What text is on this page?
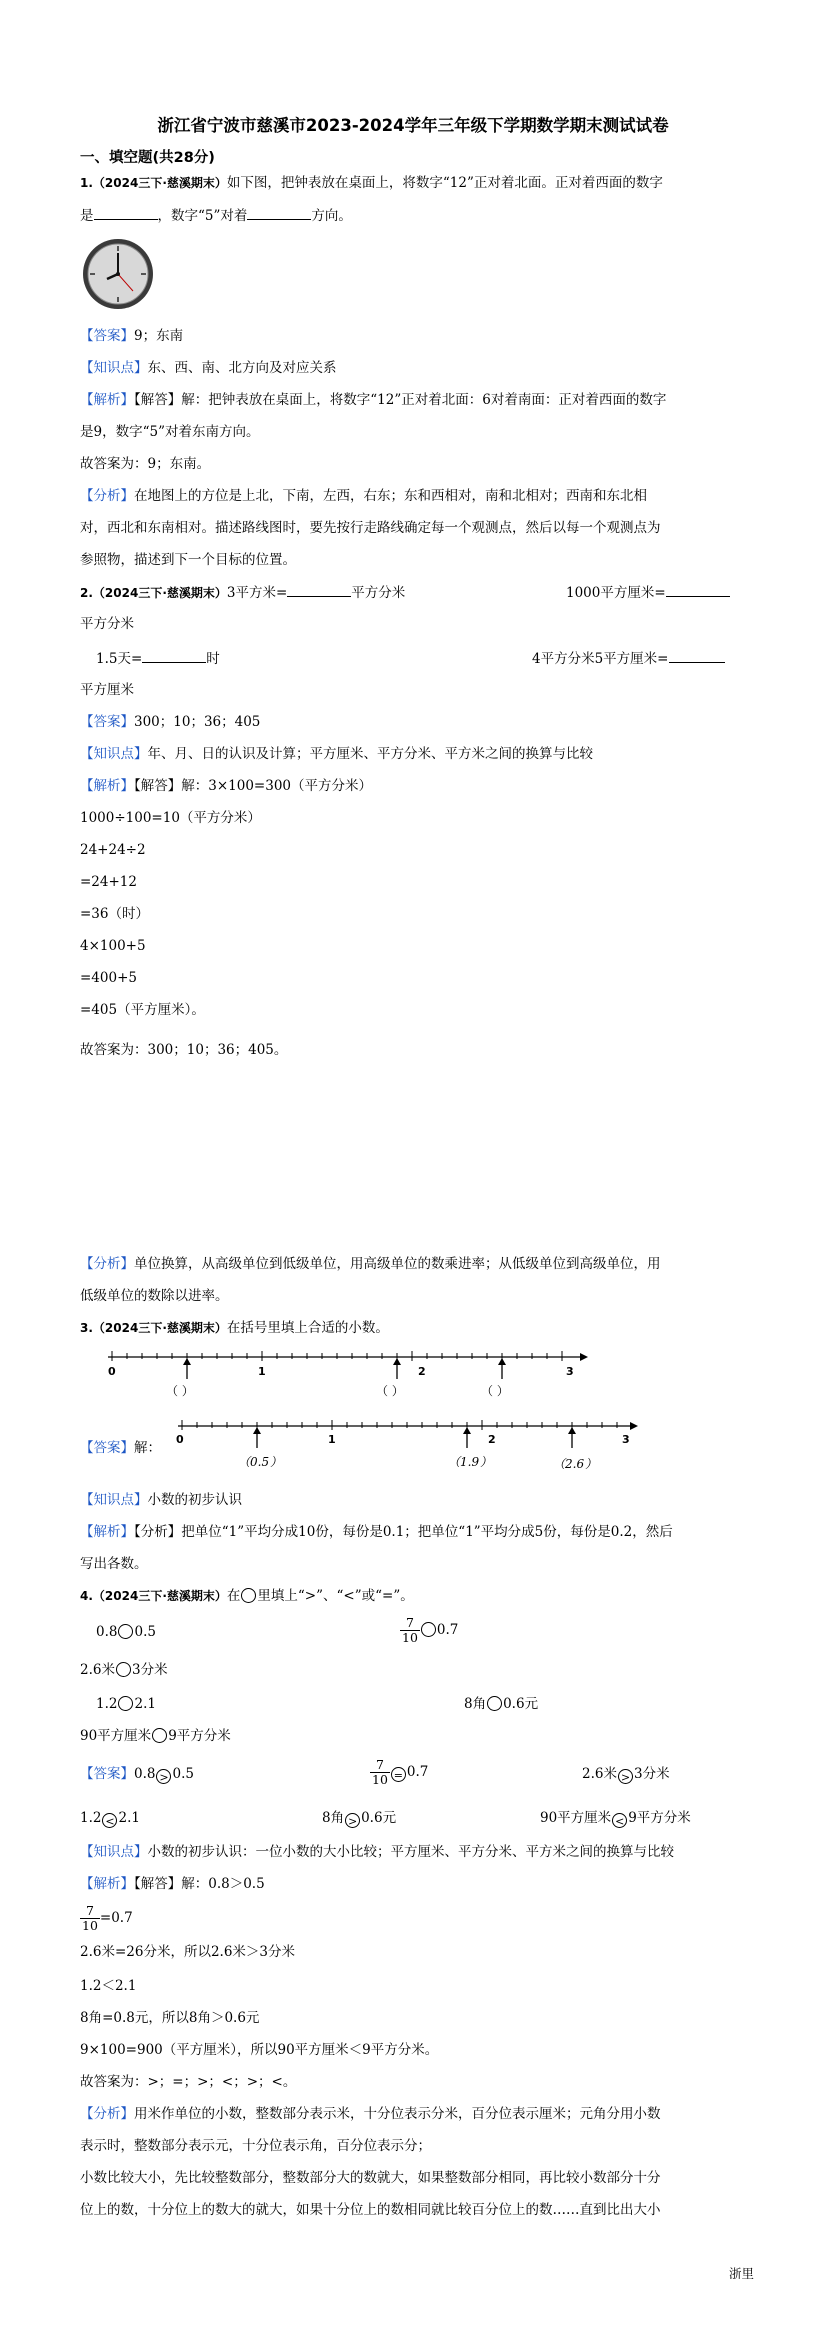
浙江省宁波市慈溪市2023-2024学年三年级下学期数学期末测试试卷
一、填空题(共28分)
1.（2024三下·慈溪期末）如下图，把钟表放在桌面上，将数字“12”正对着北面。正对着西面的数字
是	，数字“5”对着	方向。
【答案】9；东南
【知识点】东、西、南、北方向及对应关系
【解析】【解答】解：把钟表放在桌面上，将数字“12”正对着北面：6对着南面：正对着西面的数字
是9，数字“5”对着东南方向。
故答案为：9；东南。
【分析】在地图上的方位是上北，下南，左西，右东；东和西相对，南和北相对；西南和东北相
对，西北和东南相对。描述路线图时，要先按行走路线确定每一个观测点，然后以每一个观测点为
参照物，描述到下一个目标的位置。
2.（2024三下·慈溪期末）3平方米=	平方分米	1000平方厘米=
平方分米
1.5天=	时	4平方分米5平方厘米=
平方厘米
【答案】300；10；36；405
【知识点】年、月、日的认识及计算；平方厘米、平方分米、平方米之间的换算与比较
【解析】【解答】解：3×100=300（平方分米）
1000÷100=10（平方分米）
24+24÷2
=24+12
=36（时）
4×100+5
=400+5
=405（平方厘米）。
故答案为：300；10；36；405。
【分析】单位换算，从高级单位到低级单位，用高级单位的数乘进率；从低级单位到高级单位，用
低级单位的数除以进率。
3.（2024三下·慈溪期末）在括号里填上合适的小数。
0	1	2	3
（ ）	（ ）	（ ）
【答案】解：
0	1	2	3
（ 0.5 ）	（ 1.9 ）	（ 2.6 ）
【知识点】小数的初步认识
【解析】【分析】把单位“1”平均分成10份，每份是0.1；把单位“1”平均分成5份，每份是0.2，然后
写出各数。
4.（2024三下·慈溪期末）在 里填上“>”、“<”或“=”。
0.8 0.5	$\frac{7}{10} 0.7$
2.6米 3分米
1.2 2.1	8角 0.6元
90平方厘米 9平方分米
【答案】0.8 > 0.5	$\frac{7}{10} = 0.7$	2.6米 > 3分米
1.2 < 2.1	8角 > 0.6元	90平方厘米 < 9平方分米
【知识点】小数的初步认识：一位小数的大小比较；平方厘米、平方分米、平方米之间的换算与比较
【解析】【解答】解：0.8＞0.5
$\frac{7}{10} =0.7$
2.6米=26分米，所以2.6米＞3分米
1.2＜2.1
8角=0.8元，所以8角＞0.6元
9×100=900（平方厘米），所以90平方厘米＜9平方分米。
故答案为：>；=；>；<；>；<。
【分析】用米作单位的小数，整数部分表示米，十分位表示分米，百分位表示厘米；元角分用小数
表示时，整数部分表示元，十分位表示角，百分位表示分；
小数比较大小，先比较整数部分，整数部分大的数就大，如果整数部分相同，再比较小数部分十分
位上的数，十分位上的数大的就大，如果十分位上的数相同就比较百分位上的数……直到比出大小
浙里
